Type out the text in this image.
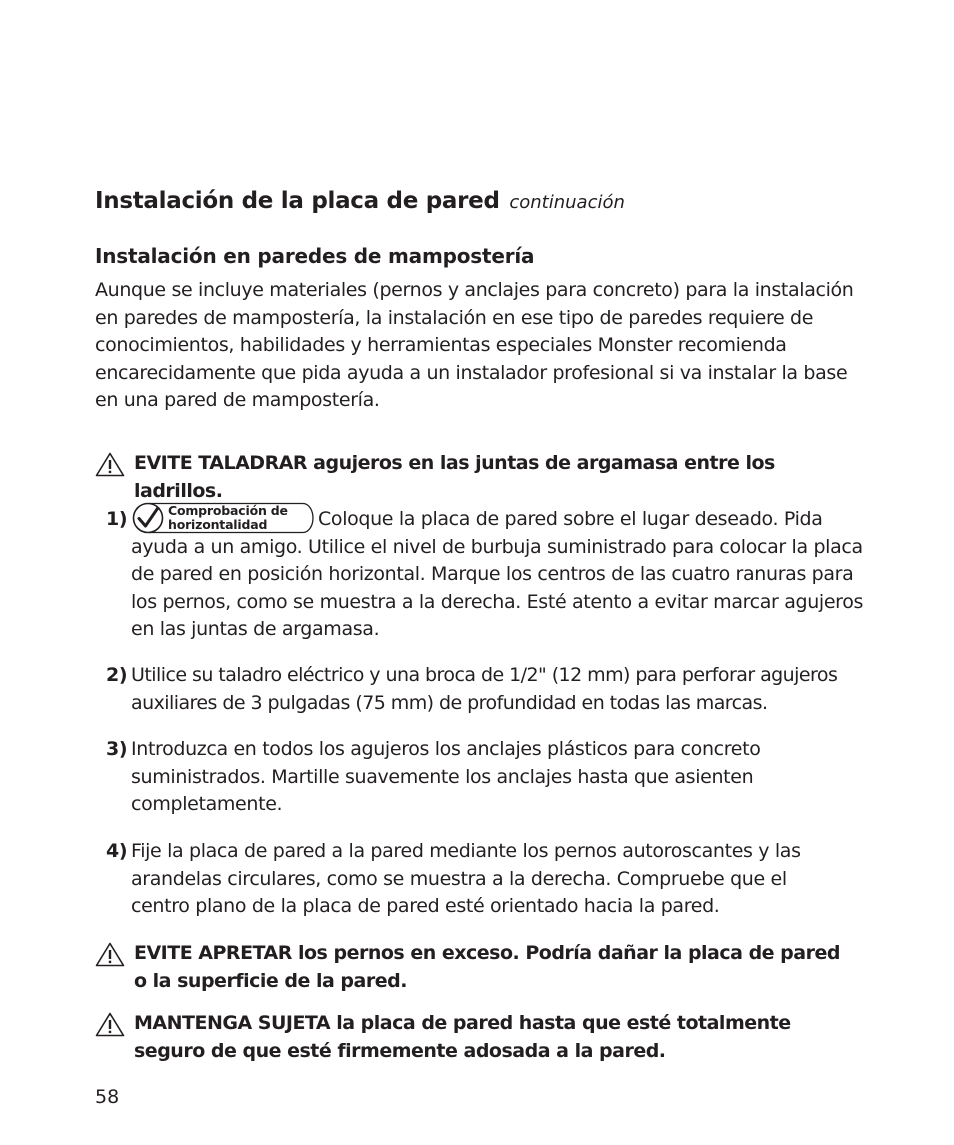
Instalación de la placa de pared continuación
Instalación en paredes de mampostería

Aunque se incluye materiales (pernos y anclajes para concreto) para la instalación en paredes de mampostería, la instalación en ese tipo de paredes requiere de conocimientos, habilidades y herramientas especiales Monster recomienda encarecidamente que pida ayuda a un instalador profesional si va instalar la base en una pared de mampostería.

EVITE TALADRAR agujeros en las juntas de argamasa entre los ladrillos.
1)	Comprobación de
horizontalidad	Coloque la placa de pared sobre el lugar deseado. Pida
ayuda a un amigo. Utilice el nivel de burbuja suministrado para colocar la placa de pared en posición horizontal. Marque los centros de las cuatro ranuras para los pernos, como se muestra a la derecha. Esté atento a evitar marcar agujeros en las juntas de argamasa.
2) Utilice su taladro eléctrico y una broca de 1/2" (12 mm) para perforar agujeros auxiliares de 3 pulgadas (75 mm) de profundidad en todas las marcas.
3) Introduzca en todos los agujeros los anclajes plásticos para concreto suministrados. Martille suavemente los anclajes hasta que asienten completamente.
4) Fije la placa de pared a la pared mediante los pernos autoroscantes y las arandelas circulares, como se muestra a la derecha. Compruebe que el centro plano de la placa de pared esté orientado hacia la pared.
EVITE APRETAR los pernos en exceso. Podría dañar la placa de pared o la superficie de la pared.
MANTENGA SUJETA la placa de pared hasta que esté totalmente seguro de que esté firmemente adosada a la pared.

58
